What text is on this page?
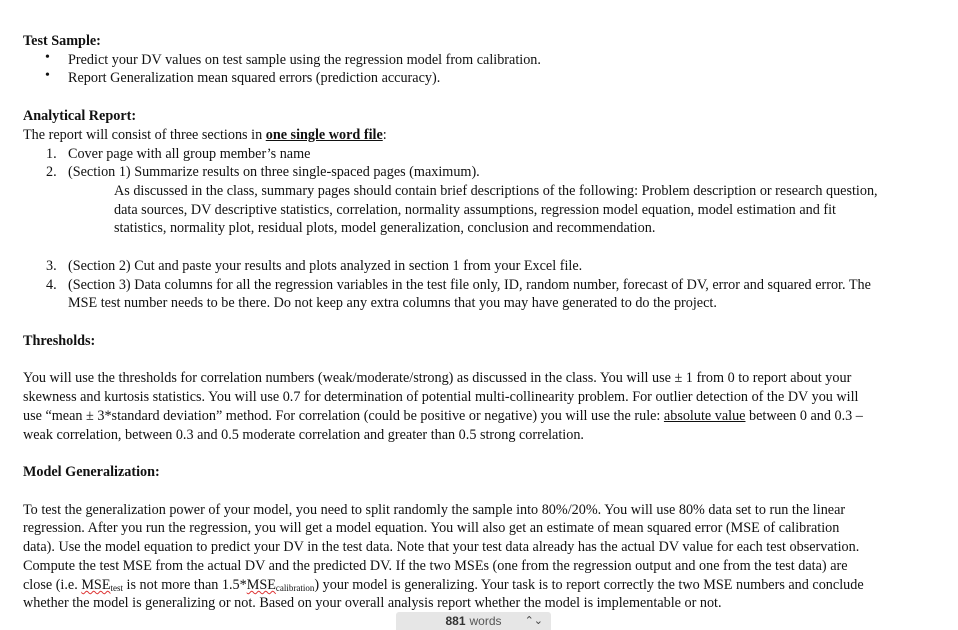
Test Sample:
• Predict your DV values on test sample using the regression model from calibration.
• Report Generalization mean squared errors (prediction accuracy).
Analytical Report:
The report will consist of three sections in one single word file:
1. Cover page with all group member’s name
2. (Section 1) Summarize results on three single-spaced pages (maximum).
As discussed in the class, summary pages should contain brief descriptions of the following: Problem description or research question,
data sources, DV descriptive statistics, correlation, normality assumptions, regression model equation, model estimation and fit
statistics, normality plot, residual plots, model generalization, conclusion and recommendation.
3. (Section 2) Cut and paste your results and plots analyzed in section 1 from your Excel file.
4. (Section 3) Data columns for all the regression variables in the test file only, ID, random number, forecast of DV, error and squared error. The
MSE test number needs to be there. Do not keep any extra columns that you may have generated to do the project.
Thresholds:
You will use the thresholds for correlation numbers (weak/moderate/strong) as discussed in the class. You will use ± 1 from 0 to report about your
skewness and kurtosis statistics. You will use 0.7 for determination of potential multi-collinearity problem. For outlier detection of the DV you will
use “mean ± 3*standard deviation” method. For correlation (could be positive or negative) you will use the rule: absolute value between 0 and 0.3 –
weak correlation, between 0.3 and 0.5 moderate correlation and greater than 0.5 strong correlation.
Model Generalization:
To test the generalization power of your model, you need to split randomly the sample into 80%/20%. You will use 80% data set to run the linear
regression. After you run the regression, you will get a model equation. You will also get an estimate of mean squared error (MSE of calibration
data). Use the model equation to predict your DV in the test data. Note that your test data already has the actual DV value for each test observation.
Compute the test MSE from the actual DV and the predicted DV. If the two MSEs (one from the regression output and one from the test data) are
close (i.e. $MSE_{test}$ is not more than $1.5*MSE_{calibration}$) your model is generalizing. Your task is to report correctly the two MSE numbers and conclude
whether the model is generalizing or not. Based on your overall analysis report whether the model is implementable or not.
881 words ⌃⌄
